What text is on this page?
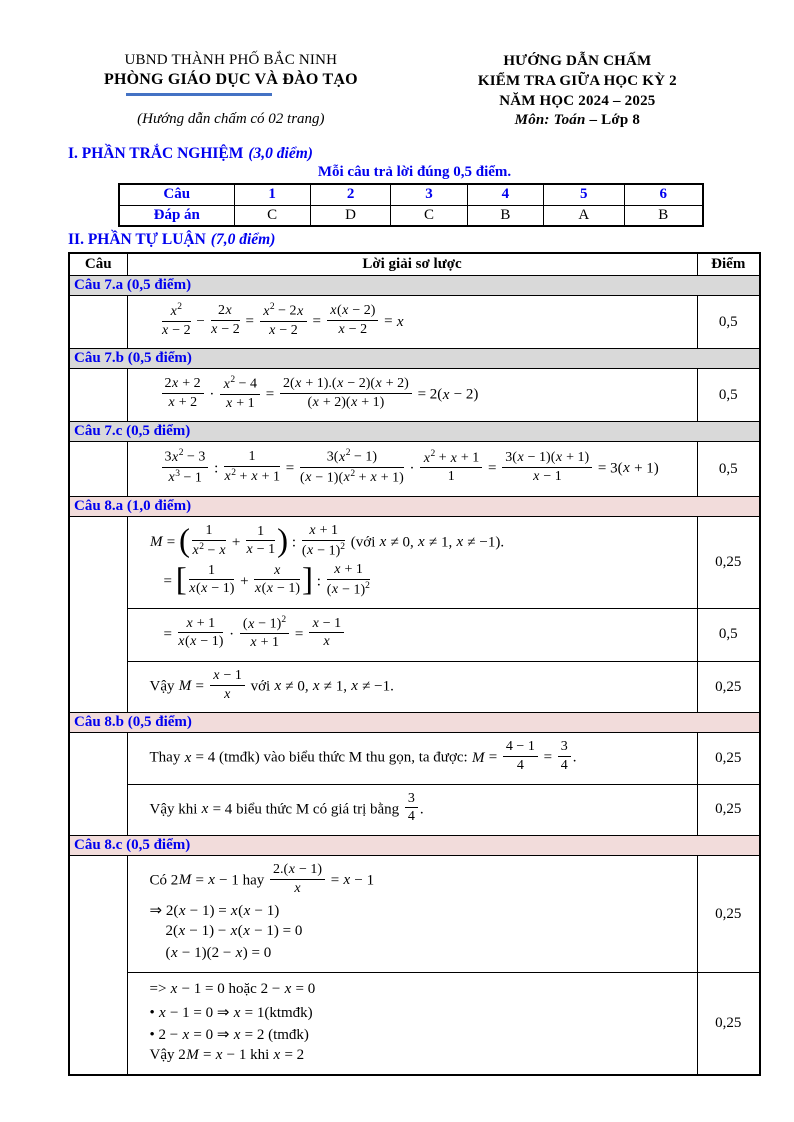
UBND THÀNH PHỐ BẮC NINH
PHÒNG GIÁO DỤC VÀ ĐÀO TẠO
(Hướng dẫn chấm có 02 trang)
HƯỚNG DẪN CHẤM
KIỂM TRA GIỮA HỌC KỲ 2
NĂM HỌC 2024 – 2025
Môn: Toán – Lớp 8
I. PHẦN TRẮC NGHIỆM (3,0 điểm)
Mỗi câu trả lời đúng 0,5 điểm.
Câu	1	2	3	4	5	6
Đáp án	C	D	C	B	A	B
II. PHẦN TỰ LUẬN (7,0 điểm)
Câu	Lời giải sơ lược	Điểm
Câu 7.a (0,5 điểm)		

$\frac{x^2}{x - 2} - \frac{2x}{x - 2} = \frac{x^2 - 2x}{x - 2} = \frac{x(x - 2)}{x - 2} = x$	0,5
Câu 7.b (0,5 điểm)		

$\frac{2x + 2}{x + 2} \cdot \frac{x^2 - 4}{x + 1} = \frac{2(x + 1).(x - 2)(x + 2)}{(x + 2)(x + 1)} = 2(x - 2)$	0,5
Câu 7.c (0,5 điểm)		

$\frac{3x^2 - 3}{x^3 - 1}$ : $\frac{1}{x^2 + x + 1} = \frac{3(x^2 - 1)}{(x - 1)(x^2 + x + 1)} \cdot \frac{x^2 + x + 1}{1} = \frac{3(x - 1)(x + 1)}{x - 1} = 3(x + 1)$	0,5
Câu 8.a (1,0 điểm)		

M = ( $\frac{1}{x^2 - x} + \frac{1}{x - 1}$ ) : $\frac{x + 1}{(x - 1)^2}$ (với x ≠ 0, x ≠ 1, x ≠ −1).
= [ $\frac{1}{x(x - 1)} + \frac{x}{x(x - 1)}$ ] : $\frac{x + 1}{(x - 1)^2}$	0,25

= $\frac{x + 1}{x(x - 1)} \cdot \frac{(x - 1)^2}{x + 1} = \frac{x - 1}{x}$	0,5

	Vậy $M = \frac{x - 1}{x}$ với x ≠ 0, x ≠ 1, x ≠ −1.	0,25
Câu 8.b (0,5 điểm)		

Thay x = 4 (tmđk) vào biểu thức M thu gọn, ta được: $M = \frac{4 - 1}{4} = \frac{3}{4}$ .	0,25

	Vậy khi x = 4 biểu thức M có giá trị bằng $\frac{3}{4}$ .	0,25
Câu 8.c (0,5 điểm)		

Có 2M = x − 1 hay $\frac{2.(x - 1)}{x} = x - 1$
⇒ 2(x − 1) = x(x − 1)
2(x − 1) − x(x − 1) = 0
(x − 1)(2 − x) = 0
	0,25

	=> x − 1 = 0 hoặc 2 − x = 0
• x − 1 = 0 ⇒ x = 1(ktmđk)
• 2 − x = 0 ⇒ x = 2 (tmđk)
Vậy 2M = x − 1 khi x = 2	0,25
